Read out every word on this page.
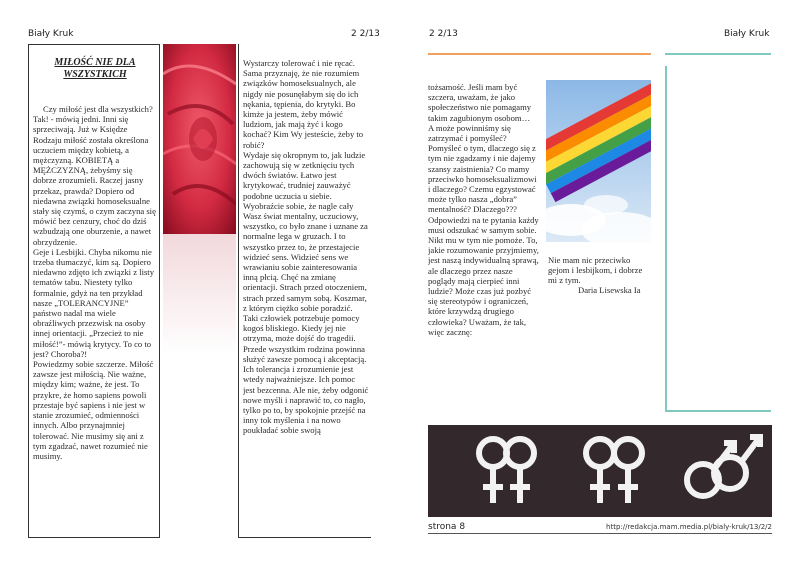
Biały Kruk	2 2/13
MIŁOŚĆ NIE DLA WSZYSTKICH
Czy miłość jest dla wszystkich? Tak! - mówią jedni. Inni się sprzeciwają. Już w Księdze Rodzaju miłość została określona uczuciem między kobietą, a mężczyzną. KOBIETĄ a MĘŻCZYZNĄ, żebyśmy się dobrze zrozumieli. Raczej jasny przekaz, prawda? Dopiero od niedawna związki homoseksualne stały się czymś, o czym zaczyna się mówić bez cenzury, choć do dziś wzbudzają one oburzenie, a nawet obrzydzenie.
Geje i Lesbijki. Chyba nikomu nie trzeba tłumaczyć, kim są. Dopiero niedawno zdjęto ich związki z listy tematów tabu. Niestety tylko formalnie, gdyż na ten przykład nasze „TOLERANCYJNE” państwo nadal ma wiele obraźliwych przezwisk na osoby innej orientacji. „Przecież to nie miłość!”- mówią krytycy. To co to jest? Choroba?!
Powiedzmy sobie szczerze. Miłość zawsze jest miłością. Nie ważne, między kim; ważne, że jest. To przykre, że homo sapiens powoli przestaje być sapiens i nie jest w stanie zrozumieć, odmienności innych. Albo przynajmniej tolerować. Nie musimy się ani z tym zgadzać, nawet rozumieć nie musimy.
Wystarczy tolerować i nie ręcać. Sama przyznaję, że nie rozumiem związków homoseksualnych, ale nigdy nie posunęłabym się do ich nękania, tępienia, do krytyki. Bo kimże ja jestem, żeby mówić ludziom, jak mają żyć i kogo kochać? Kim Wy jesteście, żeby to robić?
Wydaje się okropnym to, jak ludzie zachowują się w zetknięciu tych dwóch światów. Łatwo jest krytykować, trudniej zauważyć podobne uczucia u siebie. Wyobraźcie sobie, że nagle cały Wasz świat mentalny, uczuciowy, wszystko, co było znane i uznane za normalne lega w gruzach. I to wszystko przez to, że przestajecie widzieć sens. Widzieć sens we wrawianiu sobie zainteresowania inną płcią. Chęć na zmianę orientacji. Strach przed otoczeniem, strach przed samym sobą. Koszmar, z którym ciężko sobie poradzić. Taki człowiek potrzebuje pomocy kogoś bliskiego. Kiedy jej nie otrzyma, może dojść do tragedii. Przede wszystkim rodzina powinna służyć zawsze pomocą i akceptacją. Ich tolerancja i zrozumienie jest wtedy najważniejsze. Ich pomoc jest bezcenna. Ale nie, żeby odgonić nowe myśli i naprawić to, co nagło, tylko po to, by spokojnie przejść na inny tok myślenia i na nowo poukładać sobie swoją
2 2/13	Biały Kruk
tożsamość. Jeśli mam być szczera, uważam, że jako społeczeństwo nie pomagamy takim zagubionym osobom…
A może powinniśmy się zatrzymać i pomyśleć? Pomyśleć o tym, dlaczego się z tym nie zgadzamy i nie dajemy szansy zaistnienia? Co mamy przeciwko homoseksualizmowi i dlaczego? Czemu egzystować może tylko nasza „dobra” mentalność? Dlaczego??? Odpowiedzi na te pytania każdy musi odszukać w samym sobie. Nikt mu w tym nie pomoże. To, jakie rozumowanie przyjmiemy, jest naszą indywidualną sprawą, ale dlaczego przez nasze poglądy mają cierpieć inni ludzie? Może czas już pozbyć się stereotypów i ograniczeń, które krzywdzą drugiego człowieka? Uważam, że tak, więc zacznę:
Nie mam nic przeciwko gejom i lesbijkom, i dobrze mi z tym.
Daria Lisewska Ia
strona 8	http://redakcja.mam.media.pl/bialy-kruk/13/2/2
